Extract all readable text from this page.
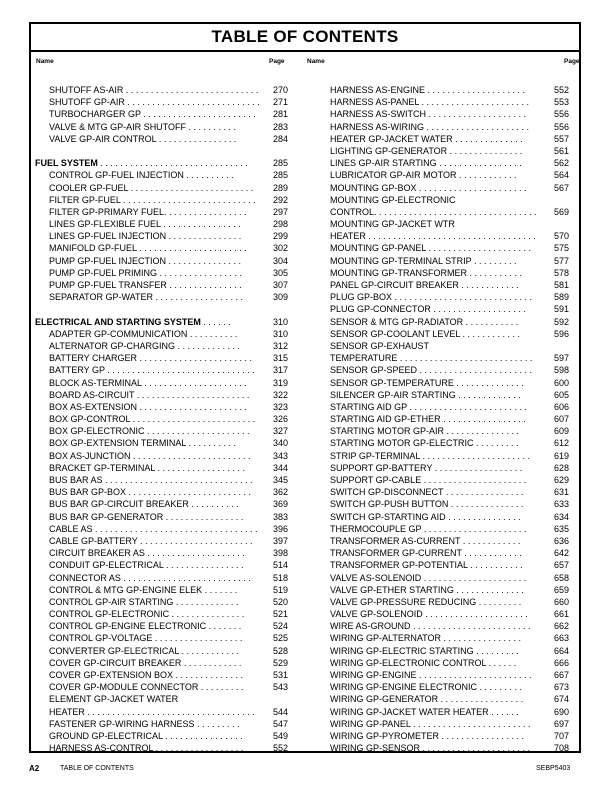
TABLE OF CONTENTS
Name	Page	Name	Page
SHUTOFF AS-AIR . . . . . . . . . . . . . . . . . . . . . . . . . . . 270
SHUTOFF GP-AIR . . . . . . . . . . . . . . . . . . . . . . . . . . . 271
TURBOCHARGER GP . . . . . . . . . . . . . . . . . . . . . . . 281
VALVE & MTG GP-AIR SHUTOFF . . . . . . . . . .	283
VALVE GP-AIR CONTROL . . . . . . . . . . . . . . . .	284
FUEL SYSTEM . . . . . . . . . . . . . . . . . . . . . . . . . . . . . .	285
CONTROL GP-FUEL INJECTION . . . . . . . . . .	285
COOLER GP-FUEL . . . . . . . . . . . . . . . . . . . . . . . . . 289
FILTER GP-FUEL . . . . . . . . . . . . . . . . . . . . . . . . . . . 292
FILTER GP-PRIMARY FUEL. . . . . . . . . . . . . . . . .	297
LINES GP-FLEXIBLE FUEL . . . . . . . . . . . . . . . .	298
LINES GP-FUEL INJECTION . . . . . . . . . . . . . . .	299
MANIFOLD GP-FUEL . . . . . . . . . . . . . . . . . . . . . .	302
PUMP GP-FUEL INJECTION . . . . . . . . . . . . . . .	304
PUMP GP-FUEL PRIMING . . . . . . . . . . . . . . . . .	305
PUMP GP-FUEL TRANSFER . . . . . . . . . . . . . . .	307
SEPARATOR GP-WATER . . . . . . . . . . . . . . . . . .	309
ELECTRICAL AND STARTING SYSTEM . . . . . .	310
ADAPTER GP-COMMUNICATION . . . . . . . . . .	310
ALTERNATOR GP-CHARGING . . . . . . . . . . . . .	312
BATTERY CHARGER . . . . . . . . . . . . . . . . . . . . . . . 315
BATTERY GP . . . . . . . . . . . . . . . . . . . . . . . . . . . . . . 317
BLOCK AS-TERMINAL . . . . . . . . . . . . . . . . . . . . .	319
BOARD AS-CIRCUIT . . . . . . . . . . . . . . . . . . . . . . .	322
BOX AS-EXTENSION . . . . . . . . . . . . . . . . . . . . . .	323
BOX GP-CONTROL . . . . . . . . . . . . . . . . . . . . . . . . . 326
BOX GP-ELECTRONIC . . . . . . . . . . . . . . . . . . . . .	327
BOX GP-EXTENSION TERMINAL . . . . . . . . . .	340
BOX AS-JUNCTION . . . . . . . . . . . . . . . . . . . . . . . . 343
BRACKET GP-TERMINAL . . . . . . . . . . . . . . . . . .	344
BUS BAR AS . . . . . . . . . . . . . . . . . . . . . . . . . . . . . . 345
BUS BAR GP-BOX . . . . . . . . . . . . . . . . . . . . . . . . . 362
BUS BAR GP-CIRCUIT BREAKER . . . . . . . . . .	369
BUS BAR GP-GENERATOR . . . . . . . . . . . . . . . .	383
CABLE AS . . . . . . . . . . . . . . . . . . . . . . . . . . . . . . . . . 396
CABLE GP-BATTERY . . . . . . . . . . . . . . . . . . . . . . . 397
CIRCUIT BREAKER AS . . . . . . . . . . . . . . . . . . . .	398
CONDUIT GP-ELECTRICAL . . . . . . . . . . . . . . . .	514
CONNECTOR AS . . . . . . . . . . . . . . . . . . . . . . . . . . 518
CONTROL & MTG GP-ENGINE ELEK . . . . . . .	519
CONTROL GP-AIR STARTING . . . . . . . . . . . . .	520
CONTROL GP-ELECTRONIC . . . . . . . . . . . . . . .	521
CONTROL GP-ENGINE ELECTRONIC . . . . . . .	524
CONTROL GP-VOLTAGE . . . . . . . . . . . . . . . . . .	525
CONVERTER GP-ELECTRICAL . . . . . . . . . . . .	528
COVER GP-CIRCUIT BREAKER . . . . . . . . . . . .	529
COVER GP-EXTENSION BOX . . . . . . . . . . . . . .	531
COVER GP-MODULE CONNECTOR . . . . . . . . .	543
ELEMENT GP-JACKET WATER
HEATER . . . . . . . . . . . . . . . . . . . . . . . . . . . . . . . . . . 544
FASTENER GP-WIRING HARNESS . . . . . . . . .	547
GROUND GP-ELECTRICAL . . . . . . . . . . . . . . . .	549
HARNESS AS-CONTROL . . . . . . . . . . . . . . . . . .	552
HARNESS AS-ENGINE . . . . . . . . . . . . . . . . . . . .	552
HARNESS AS-PANEL . . . . . . . . . . . . . . . . . . . . . .	553
HARNESS AS-SWITCH . . . . . . . . . . . . . . . . . . . .	556
HARNESS AS-WIRING . . . . . . . . . . . . . . . . . . . . .	556
HEATER GP-JACKET WATER . . . . . . . . . . . . . .	557
LIGHTING GP-GENERATOR . . . . . . . . . . . . . . .	561
LINES GP-AIR STARTING . . . . . . . . . . . . . . . . .	562
LUBRICATOR GP-AIR MOTOR . . . . . . . . . . . .	564
MOUNTING GP-BOX . . . . . . . . . . . . . . . . . . . . . .	567
MOUNTING GP-ELECTRONIC
CONTROL. . . . . . . . . . . . . . . . . . . . . . . . . . . . . . . . . 569
MOUNTING GP-JACKET WTR
HEATER . . . . . . . . . . . . . . . . . . . . . . . . . . . . . . . . . . 570
MOUNTING GP-PANEL . . . . . . . . . . . . . . . . . . . . .	575
MOUNTING GP-TERMINAL STRIP . . . . . . . . .	577
MOUNTING GP-TRANSFORMER . . . . . . . . . . .	578
PANEL GP-CIRCUIT BREAKER . . . . . . . . . . . .	581
PLUG GP-BOX . . . . . . . . . . . . . . . . . . . . . . . . . . . . 589
PLUG GP-CONNECTOR . . . . . . . . . . . . . . . . . . .	591
SENSOR & MTG GP-RADIATOR . . . . . . . . . . .	592
SENSOR GP-COOLANT LEVEL . . . . . . . . . . . .	596
SENSOR GP-EXHAUST
TEMPERATURE . . . . . . . . . . . . . . . . . . . . . . . . . . . 597
SENSOR GP-SPEED . . . . . . . . . . . . . . . . . . . . . . . 598
SENSOR GP-TEMPERATURE . . . . . . . . . . . . . .	600
SILENCER GP-AIR STARTING . . . . . . . . . . . . .	605
STARTING AID GP . . . . . . . . . . . . . . . . . . . . . . . .	606
STARTING AID GP-ETHER . . . . . . . . . . . . . . . . .	607
STARTING MOTOR GP-AIR . . . . . . . . . . . . . . .	609
STARTING MOTOR GP-ELECTRIC . . . . . . . . .	612
STRIP GP-TERMINAL . . . . . . . . . . . . . . . . . . . . . .	619
SUPPORT GP-BATTERY . . . . . . . . . . . . . . . . . .	628
SUPPORT GP-CABLE . . . . . . . . . . . . . . . . . . . . .	629
SWITCH GP-DISCONNECT . . . . . . . . . . . . . . . .	631
SWITCH GP-PUSH BUTTON . . . . . . . . . . . . . . .	633
SWITCH GP-STARTING AID . . . . . . . . . . . . . . .	634
THERMOCOUPLE GP . . . . . . . . . . . . . . . . . . . . .	635
TRANSFORMER AS-CURRENT . . . . . . . . . . . .	636
TRANSFORMER GP-CURRENT . . . . . . . . . . . .	642
TRANSFORMER GP-POTENTIAL . . . . . . . . . . .	657
VALVE AS-SOLENOID . . . . . . . . . . . . . . . . . . . . .	658
VALVE GP-ETHER STARTING . . . . . . . . . . . . . .	659
VALVE GP-PRESSURE REDUCING . . . . . . . . .	660
VALVE GP-SOLENOID . . . . . . . . . . . . . . . . . . . . .	661
WIRE AS-GROUND . . . . . . . . . . . . . . . . . . . . . . . .	662
WIRING GP-ALTERNATOR . . . . . . . . . . . . . . . .	663
WIRING GP-ELECTRIC STARTING . . . . . . . . .	664
WIRING GP-ELECTRONIC CONTROL . . . . . .	666
WIRING GP-ENGINE . . . . . . . . . . . . . . . . . . . . . . . 667
WIRING GP-ENGINE ELECTRONIC . . . . . . . . .	673
WIRING GP-GENERATOR . . . . . . . . . . . . . . . . .	674
WIRING GP-JACKET WATER HEATER . . . . . .	690
WIRING GP-PANEL . . . . . . . . . . . . . . . . . . . . . . . .	697
WIRING GP-PYROMETER . . . . . . . . . . . . . . . . .	707
WIRING GP-SENSOR . . . . . . . . . . . . . . . . . . . . . .	708
A2	TABLE OF CONTENTS	SEBP5403
